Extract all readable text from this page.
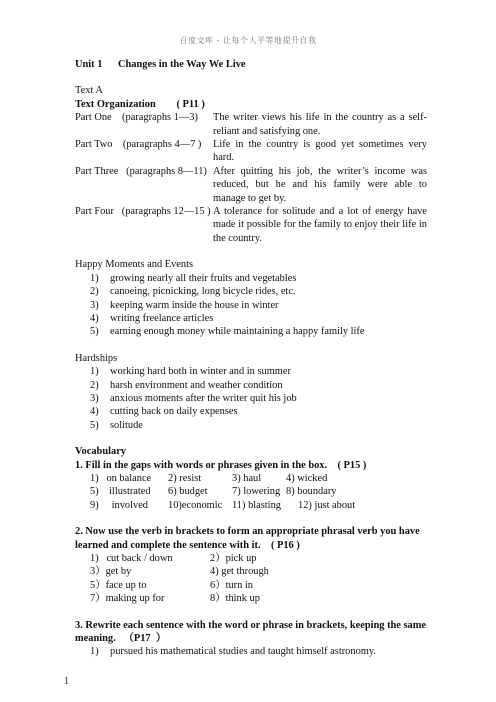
百度文库 - 让每个人平等地提升自我
Unit 1      Changes in the Way We Live
Text A
Text Organization        ( P11 )
Part One    (paragraphs 1—3)	The writer views his life in the country as a self-reliant and satisfying one.
Part Two    (paragraphs 4—7 )	Life in the country is good yet sometimes very hard.
Part Three   (paragraphs 8—11) After quitting his job, the writer’s income was reduced, but he and his family were able to manage to get by.
Part Four   (paragraphs 12—15 ) A tolerance for solitude and a lot of energy have made it possible for the family to enjoy their life in the country.
Happy Moments and Events
1)	growing nearly all their fruits and vegetables
2)	canoeing, picnicking, long bicycle rides, etc.
3)	keeping warm inside the house in winter
4)	writing freelance articles
5)	earning enough money while maintaining a happy family life
Hardships
1)	working hard both in winter and in summer
2)	harsh environment and weather condition
3)	anxious moments after the writer quit his job
4)	cutting back on daily expenses
5)	solitude
Vocabulary
1. Fill in the gaps with words or phrases given in the box.    ( P15 )
1)   on balance	2) resist	3) haul	4) wicked
5)    illustrated	6) budget	7) lowering 8) boundary
9)     involved	10)economic 11) blasting	12) just about
2. Now use the verb in brackets to form an appropriate phrasal verb you have
learned and complete the sentence with it.    ( P16 )
1)   cut back / down	2）pick up
3）get by	4) get through
5）face up to	6）turn in
7）making up for	8）think up
3. Rewrite each sentence with the word or phrase in brackets, keeping the same
meaning.   （P17  ）
1)	pursued his mathematical studies and taught himself astronomy.
1
